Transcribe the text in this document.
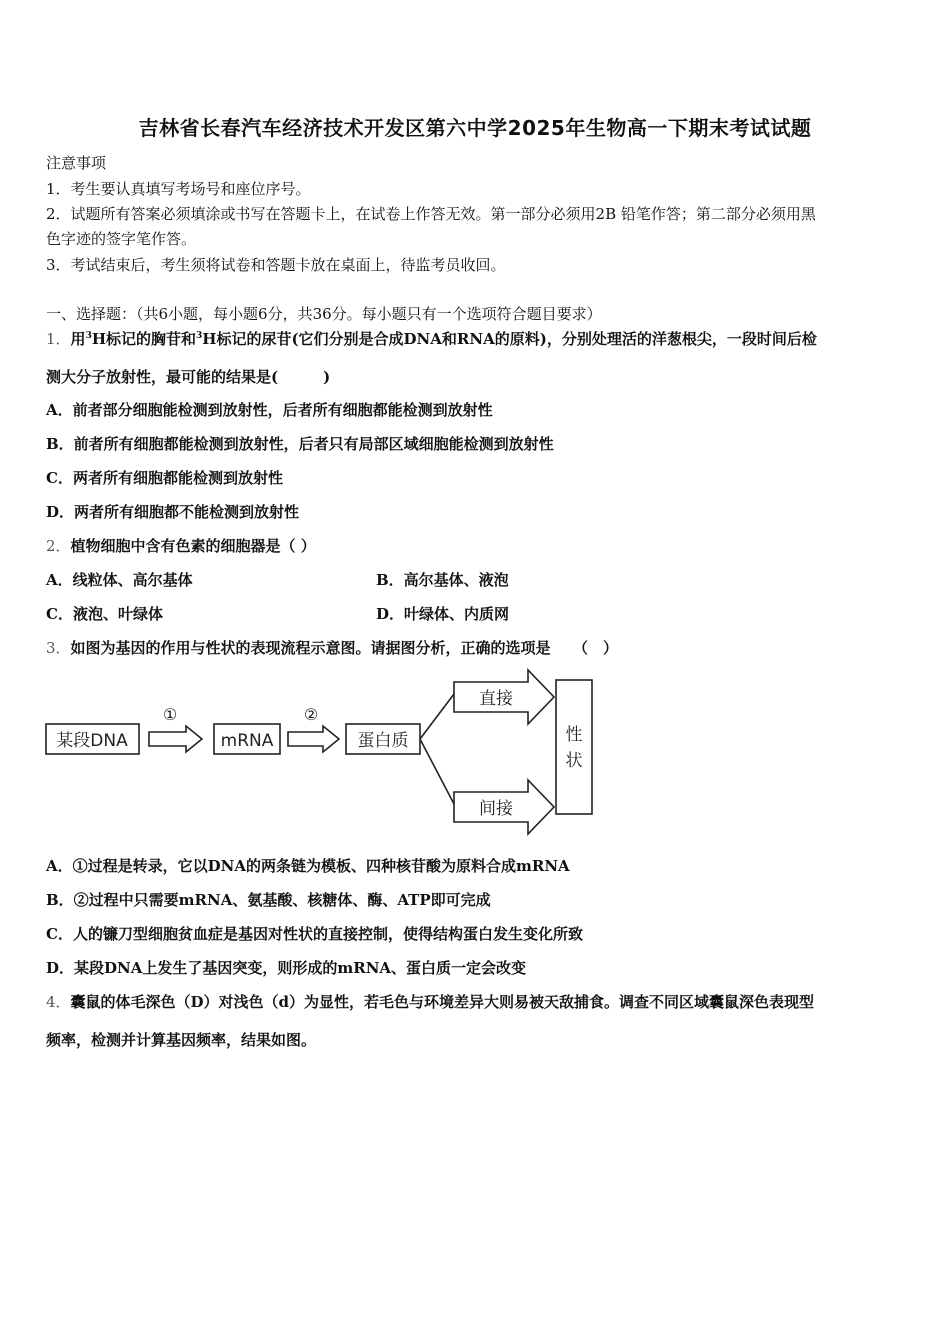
吉林省长春汽车经济技术开发区第六中学2025年生物高一下期末考试试题
注意事项
1．考生要认真填写考场号和座位序号。
2．试题所有答案必须填涂或书写在答题卡上，在试卷上作答无效。第一部分必须用2B 铅笔作答；第二部分必须用黑
色字迹的签字笔作答。
3．考试结束后，考生须将试卷和答题卡放在桌面上，待监考员收回。
一、选择题：（共6小题，每小题6分，共36分。每小题只有一个选项符合题目要求）
1．用$^3$H标记的胸苷和$^3$H标记的尿苷(它们分别是合成DNA和RNA的原料)，分别处理活的洋葱根尖，一段时间后检
测大分子放射性，最可能的结果是(　　　)
A．前者部分细胞能检测到放射性，后者所有细胞都能检测到放射性
B．前者所有细胞都能检测到放射性，后者只有局部区域细胞能检测到放射性
C．两者所有细胞都能检测到放射性
D．两者所有细胞都不能检测到放射性
2．植物细胞中含有色素的细胞器是（ ）
A．线粒体、高尔基体	B．高尔基体、液泡
C．液泡、叶绿体	D．叶绿体、内质网
3．如图为基因的作用与性状的表现流程示意图。请据图分析，正确的选项是　　（　）
某段DNA
①
mRNA
②
蛋白质
直接
间接
性
状
A．①过程是转录，它以DNA的两条链为模板、四种核苷酸为原料合成mRNA
B．②过程中只需要mRNA、氨基酸、核糖体、酶、ATP即可完成
C．人的镰刀型细胞贫血症是基因对性状的直接控制，使得结构蛋白发生变化所致
D．某段DNA上发生了基因突变，则形成的mRNA、蛋白质一定会改变
4．囊鼠的体毛深色（D）对浅色（d）为显性，若毛色与环境差异大则易被天敌捕食。调查不同区域囊鼠深色表现型
频率，检测并计算基因频率，结果如图。
